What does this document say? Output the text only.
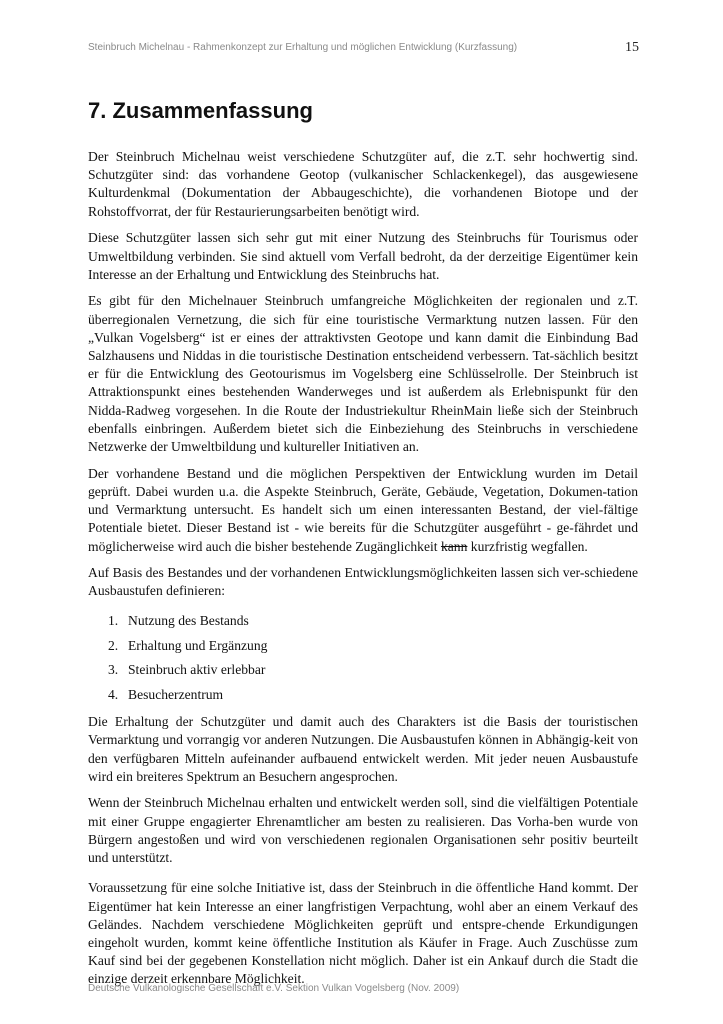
Steinbruch Michelnau - Rahmenkonzept zur Erhaltung und möglichen Entwicklung (Kurzfassung)	15
7. Zusammenfassung

Der Steinbruch Michelnau weist verschiedene Schutzgüter auf, die z.T. sehr hochwertig sind. Schutzgüter sind: das vorhandene Geotop (vulkanischer Schlackenkegel), das ausgewiesene Kulturdenkmal (Dokumentation der Abbaugeschichte), die vorhandenen Biotope und der Rohstoffvorrat, der für Restaurierungsarbeiten benötigt wird.

Diese Schutzgüter lassen sich sehr gut mit einer Nutzung des Steinbruchs für Tourismus oder Umweltbildung verbinden. Sie sind aktuell vom Verfall bedroht, da der derzeitige Eigentümer kein Interesse an der Erhaltung und Entwicklung des Steinbruchs hat.

Es gibt für den Michelnauer Steinbruch umfangreiche Möglichkeiten der regionalen und z.T. überregionalen Vernetzung, die sich für eine touristische Vermarktung nutzen lassen. Für den „Vulkan Vogelsberg“ ist er eines der attraktivsten Geotope und kann damit die Einbindung Bad Salzhausens und Niddas in die touristische Destination entscheidend verbessern. Tat-sächlich besitzt er für die Entwicklung des Geotourismus im Vogelsberg eine Schlüsselrolle. Der Steinbruch ist Attraktionspunkt eines bestehenden Wanderweges und ist außerdem als Erlebnispunkt für den Nidda-Radweg vorgesehen. In die Route der Industriekultur RheinMain ließe sich der Steinbruch ebenfalls einbringen. Außerdem bietet sich die Einbeziehung des Steinbruchs in verschiedene Netzwerke der Umweltbildung und kultureller Initiativen an.

Der vorhandene Bestand und die möglichen Perspektiven der Entwicklung wurden im Detail geprüft. Dabei wurden u.a. die Aspekte Steinbruch, Geräte, Gebäude, Vegetation, Dokumen-tation und Vermarktung untersucht. Es handelt sich um einen interessanten Bestand, der viel-fältige Potentiale bietet. Dieser Bestand ist - wie bereits für die Schutzgüter ausgeführt - ge-fährdet und möglicherweise wird auch die bisher bestehende Zugänglichkeit kann kurzfristig wegfallen.

Auf Basis des Bestandes und der vorhandenen Entwicklungsmöglichkeiten lassen sich ver-schiedene Ausbaustufen definieren:

1. Nutzung des Bestands
2. Erhaltung und Ergänzung
3. Steinbruch aktiv erlebbar
4. Besucherzentrum

Die Erhaltung der Schutzgüter und damit auch des Charakters ist die Basis der touristischen Vermarktung und vorrangig vor anderen Nutzungen. Die Ausbaustufen können in Abhängig-keit von den verfügbaren Mitteln aufeinander aufbauend entwickelt werden. Mit jeder neuen Ausbaustufe wird ein breiteres Spektrum an Besuchern angesprochen.

Wenn der Steinbruch Michelnau erhalten und entwickelt werden soll, sind die vielfältigen Potentiale mit einer Gruppe engagierter Ehrenamtlicher am besten zu realisieren. Das Vorha-ben wurde von Bürgern angestoßen und wird von verschiedenen regionalen Organisationen sehr positiv beurteilt und unterstützt.

Voraussetzung für eine solche Initiative ist, dass der Steinbruch in die öffentliche Hand kommt. Der Eigentümer hat kein Interesse an einer langfristigen Verpachtung, wohl aber an einem Verkauf des Geländes. Nachdem verschiedene Möglichkeiten geprüft und entspre-chende Erkundigungen eingeholt wurden, kommt keine öffentliche Institution als Käufer in Frage. Auch Zuschüsse zum Kauf sind bei der gegebenen Konstellation nicht möglich. Daher ist ein Ankauf durch die Stadt die einzige derzeit erkennbare Möglichkeit.

Deutsche Vulkanologische Gesellschaft e.V. Sektion Vulkan Vogelsberg (Nov. 2009)
